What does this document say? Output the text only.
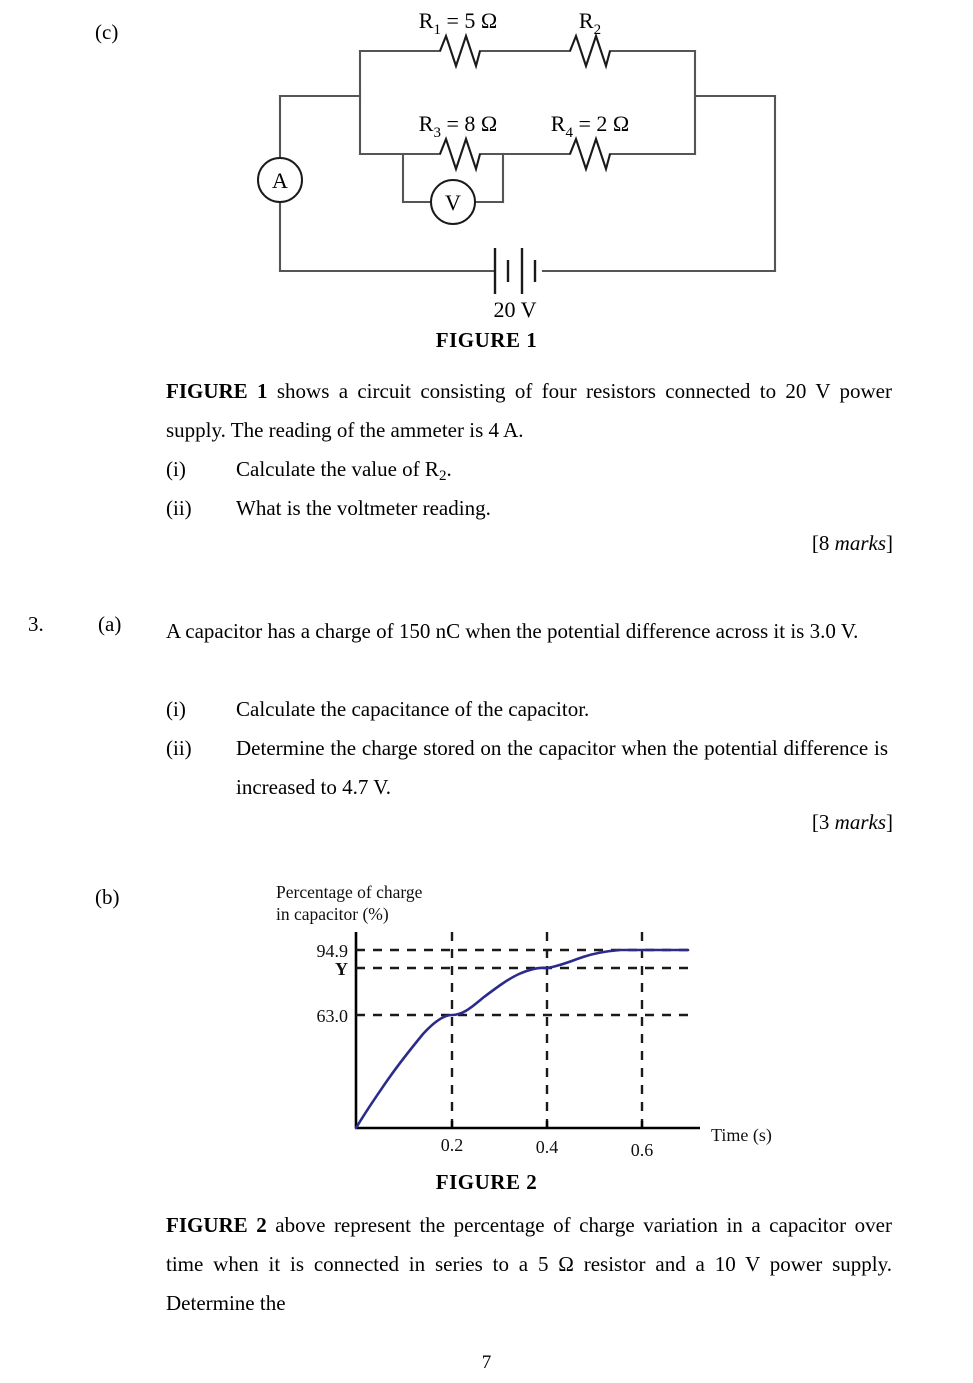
(c)
A
V
$R_1 = 5$ Ω	$R_2$
$R_3 = 8$ Ω $R_4 = 2$ Ω
20 V
FIGURE 1
FIGURE 1 shows a circuit consisting of four resistors connected to 20 V power supply. The reading of the ammeter is 4 A.
(i) Calculate the value of $R_2$.
(ii) What is the voltmeter reading.
[8 marks]
3.	(a) A capacitor has a charge of 150 nC when the potential difference across it is 3.0 V.
(i) Calculate the capacitance of the capacitor.
(ii) Determine the charge stored on the capacitor when the potential difference is increased to 4.7 V.
[3 marks]
(b)	Percentage of charge
in capacitor (%)
94.9
Y
63.0
0.2	0.4	0.6
Time (s)
FIGURE 2
FIGURE 2 above represent the percentage of charge variation in a capacitor over time when it is connected in series to a 5 Ω resistor and a 10 V power supply. Determine the
7
